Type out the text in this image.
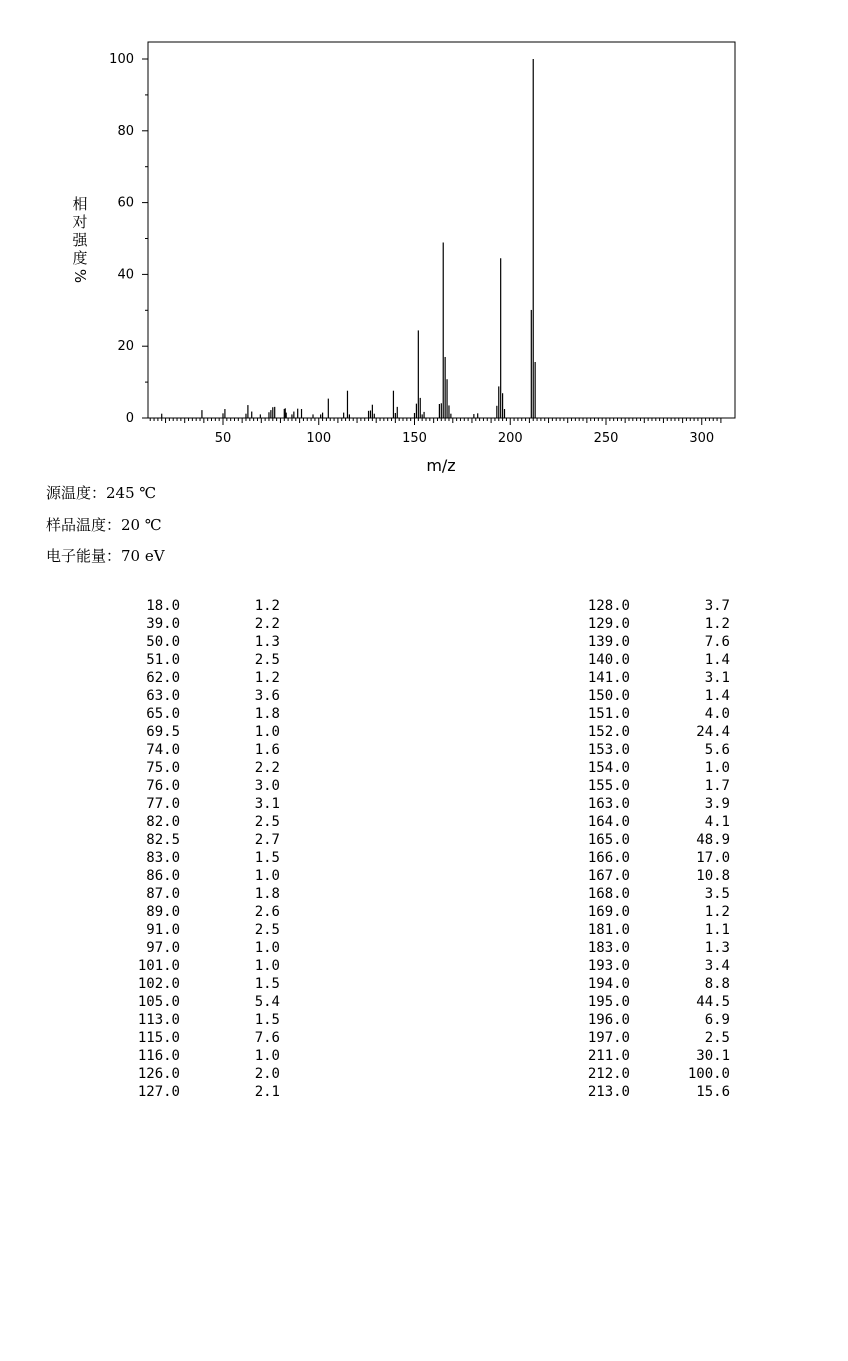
0
20
40
60
80
100
50	100	150	200	250	300
m/z
相
对
强
度
%
源温度：245 ℃
样品温度：20 ℃
电子能量：70 eV
18.0	1.2
39.0	2.2
50.0	1.3
51.0	2.5
62.0	1.2
63.0	3.6
65.0	1.8
69.5	1.0
74.0	1.6
75.0	2.2
76.0	3.0
77.0	3.1
82.0	2.5
82.5	2.7
83.0	1.5
86.0	1.0
87.0	1.8
89.0	2.6
91.0	2.5
97.0	1.0
101.0	1.0
102.0	1.5
105.0	5.4
113.0	1.5
115.0	7.6
116.0	1.0
126.0	2.0
127.0	2.1
128.0	3.7
129.0	1.2
139.0	7.6
140.0	1.4
141.0	3.1
150.0	1.4
151.0	4.0
152.0	24.4
153.0	5.6
154.0	1.0
155.0	1.7
163.0	3.9
164.0	4.1
165.0	48.9
166.0	17.0
167.0	10.8
168.0	3.5
169.0	1.2
181.0	1.1
183.0	1.3
193.0	3.4
194.0	8.8
195.0	44.5
196.0	6.9
197.0	2.5
211.0	30.1
212.0	100.0
213.0	15.6
